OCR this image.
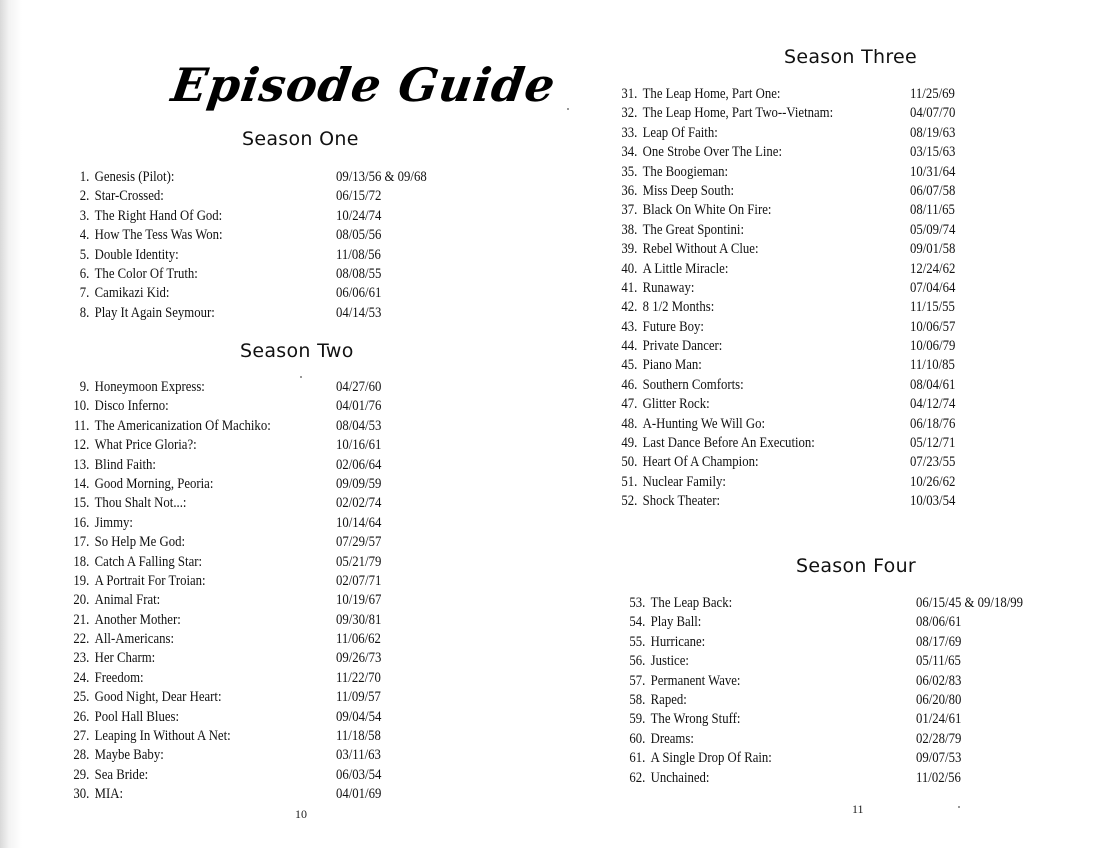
Episode Guide
Season One
1. Genesis (Pilot):	09/13/56 & 09/68
2. Star-Crossed:	06/15/72
3. The Right Hand Of God:	10/24/74
4. How The Tess Was Won:	08/05/56
5. Double Identity:	11/08/56
6. The Color Of Truth:	08/08/55
7. Camikazi Kid:	06/06/61
8. Play It Again Seymour:	04/14/53
Season Two
9. Honeymoon Express:	04/27/60
10. Disco Inferno:	04/01/76
11. The Americanization Of Machiko:	08/04/53
12. What Price Gloria?:	10/16/61
13. Blind Faith:	02/06/64
14. Good Morning, Peoria:	09/09/59
15. Thou Shalt Not...:	02/02/74
16. Jimmy:	10/14/64
17. So Help Me God:	07/29/57
18. Catch A Falling Star:	05/21/79
19. A Portrait For Troian:	02/07/71
20. Animal Frat:	10/19/67
21. Another Mother:	09/30/81
22. All-Americans:	11/06/62
23. Her Charm:	09/26/73
24. Freedom:	11/22/70
25. Good Night, Dear Heart:	11/09/57
26. Pool Hall Blues:	09/04/54
27. Leaping In Without A Net:	11/18/58
28. Maybe Baby:	03/11/63
29. Sea Bride:	06/03/54
30. MIA:	04/01/69
10
Season Three
31. The Leap Home, Part One:	11/25/69
32. The Leap Home, Part Two--Vietnam:	04/07/70
33. Leap Of Faith:	08/19/63
34. One Strobe Over The Line:	03/15/63
35. The Boogieman:	10/31/64
36. Miss Deep South:	06/07/58
37. Black On White On Fire:	08/11/65
38. The Great Spontini:	05/09/74
39. Rebel Without A Clue:	09/01/58
40. A Little Miracle:	12/24/62
41. Runaway:	07/04/64
42. 8 1/2 Months:	11/15/55
43. Future Boy:	10/06/57
44. Private Dancer:	10/06/79
45. Piano Man:	11/10/85
46. Southern Comforts:	08/04/61
47. Glitter Rock:	04/12/74
48. A-Hunting We Will Go:	06/18/76
49. Last Dance Before An Execution:	05/12/71
50. Heart Of A Champion:	07/23/55
51. Nuclear Family:	10/26/62
52. Shock Theater:	10/03/54
Season Four
53. The Leap Back:	06/15/45 & 09/18/99
54. Play Ball:	08/06/61
55. Hurricane:	08/17/69
56. Justice:	05/11/65
57. Permanent Wave:	06/02/83
58. Raped:	06/20/80
59. The Wrong Stuff:	01/24/61
60. Dreams:	02/28/79
61. A Single Drop Of Rain:	09/07/53
62. Unchained:	11/02/56
11
